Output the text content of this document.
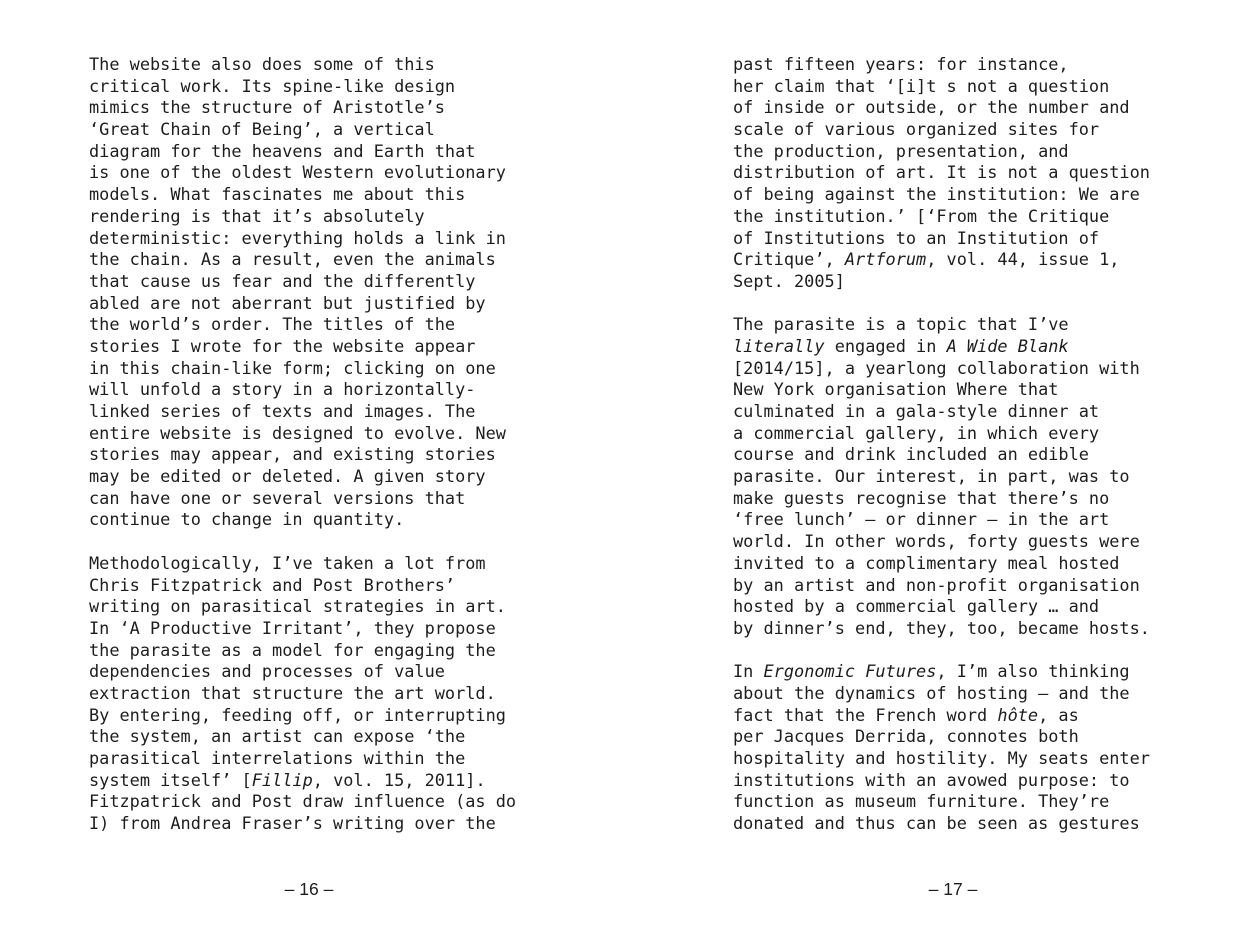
The website also does some of this
critical work. Its spine-like design
mimics the structure of Aristotle’s
‘Great Chain of Being’, a vertical
diagram for the heavens and Earth that
is one of the oldest Western evolutionary
models. What fascinates me about this
rendering is that it’s absolutely
deterministic: everything holds a link in
the chain. As a result, even the animals
that cause us fear and the differently
abled are not aberrant but justified by
the world’s order. The titles of the
stories I wrote for the website appear
in this chain-like form; clicking on one
will unfold a story in a horizontally-
linked series of texts and images. The
entire website is designed to evolve. New
stories may appear, and existing stories
may be edited or deleted. A given story
can have one or several versions that
continue to change in quantity.
Methodologically, I’ve taken a lot from
Chris Fitzpatrick and Post Brothers’
writing on parasitical strategies in art.
In ‘A Productive Irritant’, they propose
the parasite as a model for engaging the
dependencies and processes of value
extraction that structure the art world.
By entering, feeding off, or interrupting
the system, an artist can expose ‘the
parasitical interrelations within the
system itself’ [Fillip, vol. 15, 2011].
Fitzpatrick and Post draw influence (as do
I) from Andrea Fraser’s writing over the
– 16 –
past fifteen years: for instance,
her claim that ‘[i]t s not a question
of inside or outside, or the number and
scale of various organized sites for
the production, presentation, and
distribution of art. It is not a question
of being against the institution: We are
the institution.’ [‘From the Critique
of Institutions to an Institution of
Critique’, Artforum, vol. 44, issue 1,
Sept. 2005]
The parasite is a topic that I’ve
literally engaged in A Wide Blank
[2014/15], a yearlong collaboration with
New York organisation Where that
culminated in a gala-style dinner at
a commercial gallery, in which every
course and drink included an edible
parasite. Our interest, in part, was to
make guests recognise that there’s no
‘free lunch’ — or dinner — in the art
world. In other words, forty guests were
invited to a complimentary meal hosted
by an artist and non-profit organisation
hosted by a commercial gallery … and
by dinner’s end, they, too, became hosts.
In Ergonomic Futures, I’m also thinking
about the dynamics of hosting — and the
fact that the French word hôte, as
per Jacques Derrida, connotes both
hospitality and hostility. My seats enter
institutions with an avowed purpose: to
function as museum furniture. They’re
donated and thus can be seen as gestures
– 17 –
